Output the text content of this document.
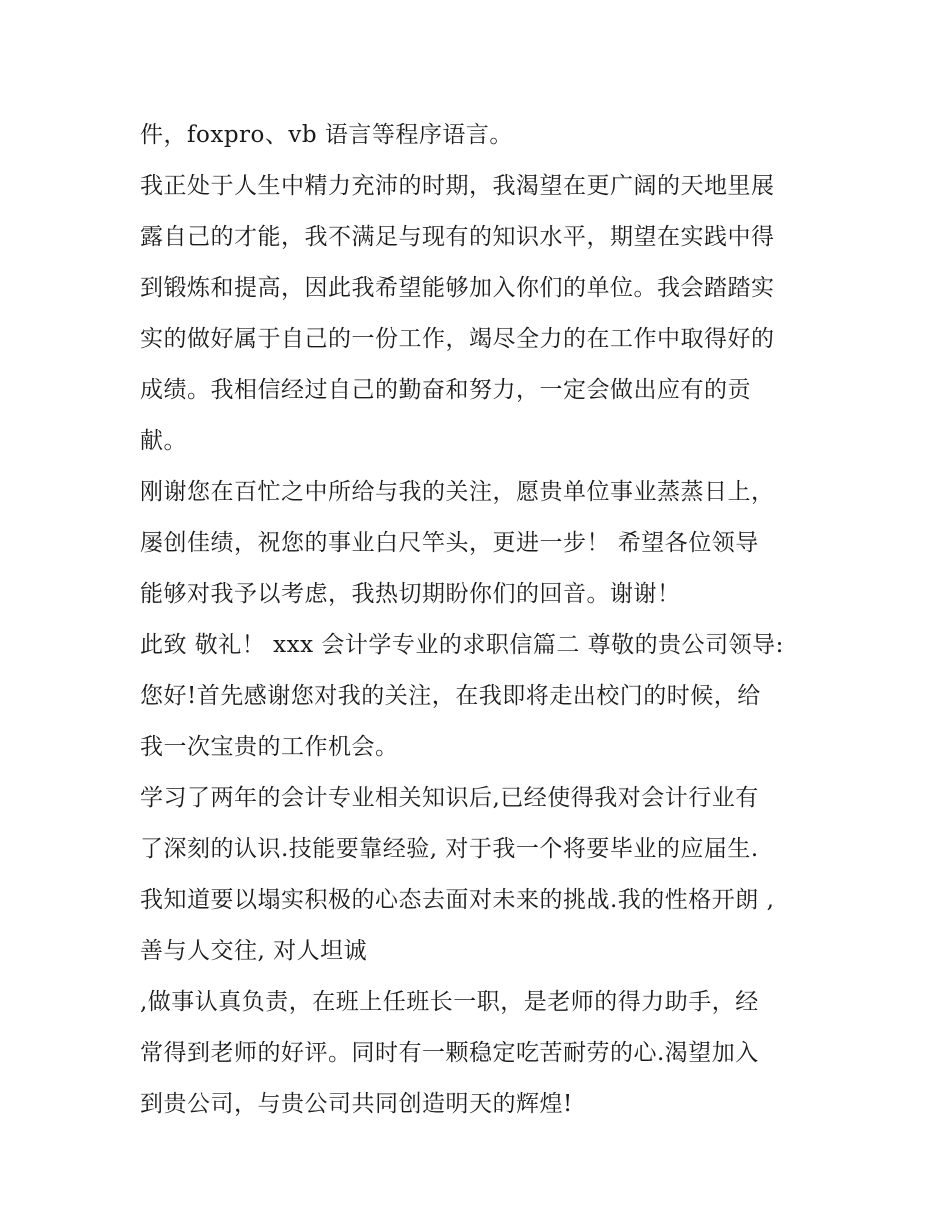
件，foxpro、vb 语言等程序语言。
我正处于人生中精力充沛的时期，我渴望在更广阔的天地里展
露自己的才能，我不满足与现有的知识水平，期望在实践中得
到锻炼和提高，因此我希望能够加入你们的单位。我会踏踏实
实的做好属于自己的一份工作，竭尽全力的在工作中取得好的
成绩。我相信经过自己的勤奋和努力，一定会做出应有的贡
献。
刚谢您在百忙之中所给与我的关注，愿贵单位事业蒸蒸日上，
屡创佳绩，祝您的事业白尺竿头，更进一步！ 希望各位领导
能够对我予以考虑，我热切期盼你们的回音。谢谢！
此致 敬礼！ xxx 会计学专业的求职信篇二 尊敬的贵公司领导:
您好!首先感谢您对我的关注，在我即将走出校门的时候，给
我一次宝贵的工作机会。
学习了两年的会计专业相关知识后,已经使得我对会计行业有
了深刻的认识.技能要靠经验, 对于我一个将要毕业的应届生.
我知道要以塌实积极的心态去面对未来的挑战.我的性格开朗 ,
善与人交往, 对人坦诚
,做事认真负责，在班上任班长一职，是老师的得力助手，经
常得到老师的好评。同时有一颗稳定吃苦耐劳的心.渴望加入
到贵公司，与贵公司共同创造明天的辉煌!
